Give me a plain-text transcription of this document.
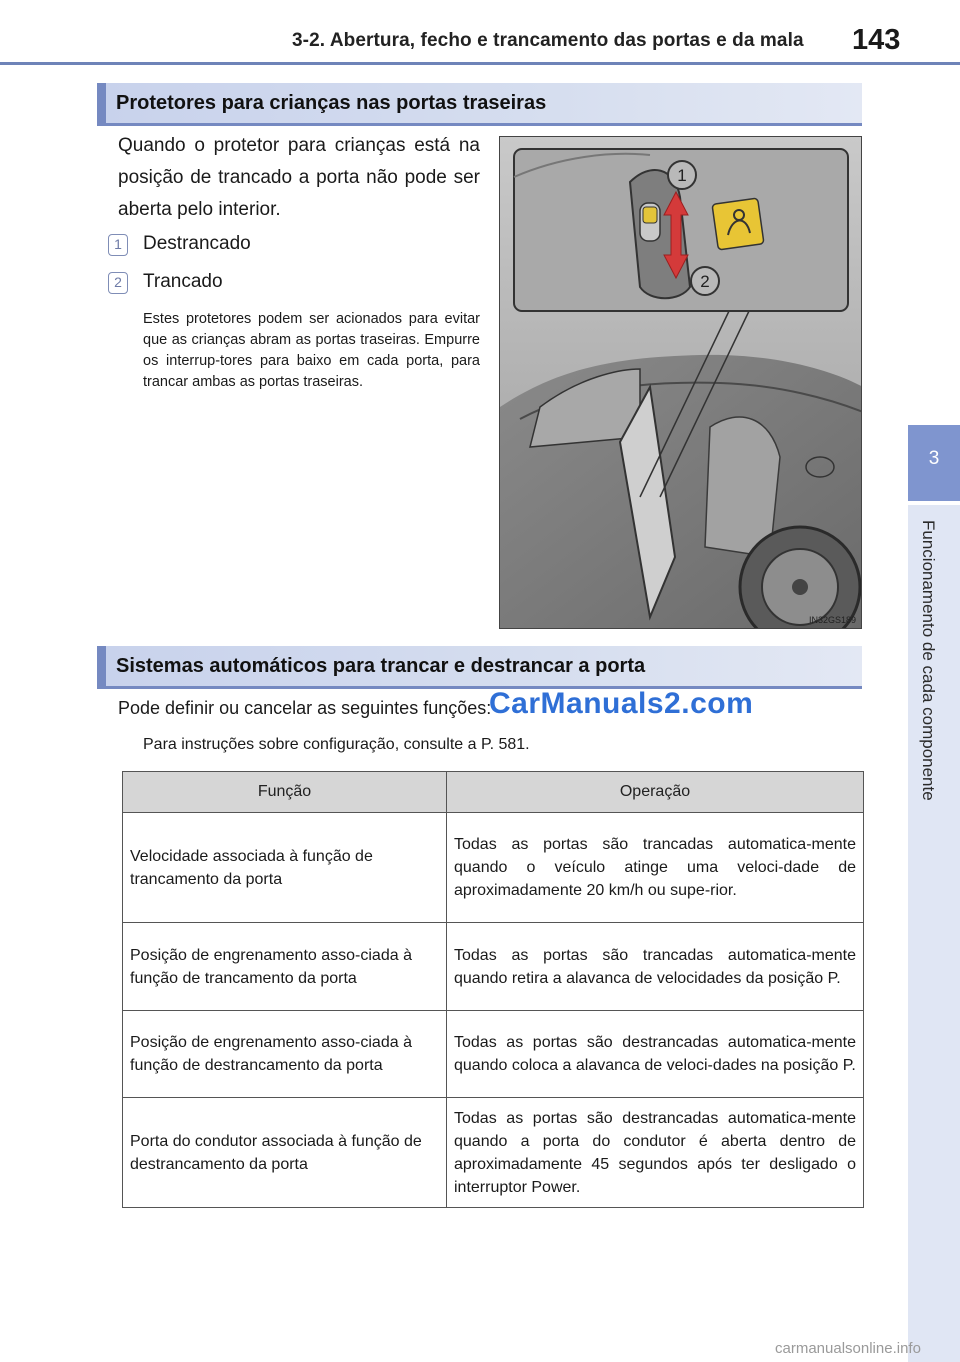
3-2. Abertura, fecho e trancamento das portas e da mala 143
3
Funcionamento de cada componente
Protetores para crianças nas portas traseiras
Quando o protetor para crianças está na posição de trancado a porta não pode ser aberta pelo interior.
1	Destrancado
2	Trancado
Estes protetores podem ser acionados para evitar que as crianças abram as portas traseiras. Empurre os interrup-tores para baixo em cada porta, para trancar ambas as portas traseiras.
1
2
IN32GS189
Sistemas automáticos para trancar e destrancar a porta
Pode definir ou cancelar as seguintes funções:
CarManuals2.com
Para instruções sobre configuração, consulte a P. 581.
Função	Operação
Velocidade associada à função de trancamento da porta	Todas as portas são trancadas automatica-mente quando o veículo atinge uma veloci-dade de aproximadamente 20 km/h ou supe-rior.
Posição de engrenamento asso-ciada à função de trancamento da porta	Todas as portas são trancadas automatica-mente quando retira a alavanca de velocidades da posição P.
Posição de engrenamento asso-ciada à função de destrancamento da porta	Todas as portas são destrancadas automatica-mente quando coloca a alavanca de veloci-dades na posição P.
Porta do condutor associada à função de destrancamento da porta	Todas as portas são destrancadas automatica-mente quando a porta do condutor é aberta dentro de aproximadamente 45 segundos após ter desligado o interruptor Power.
carmanualsonline.info
